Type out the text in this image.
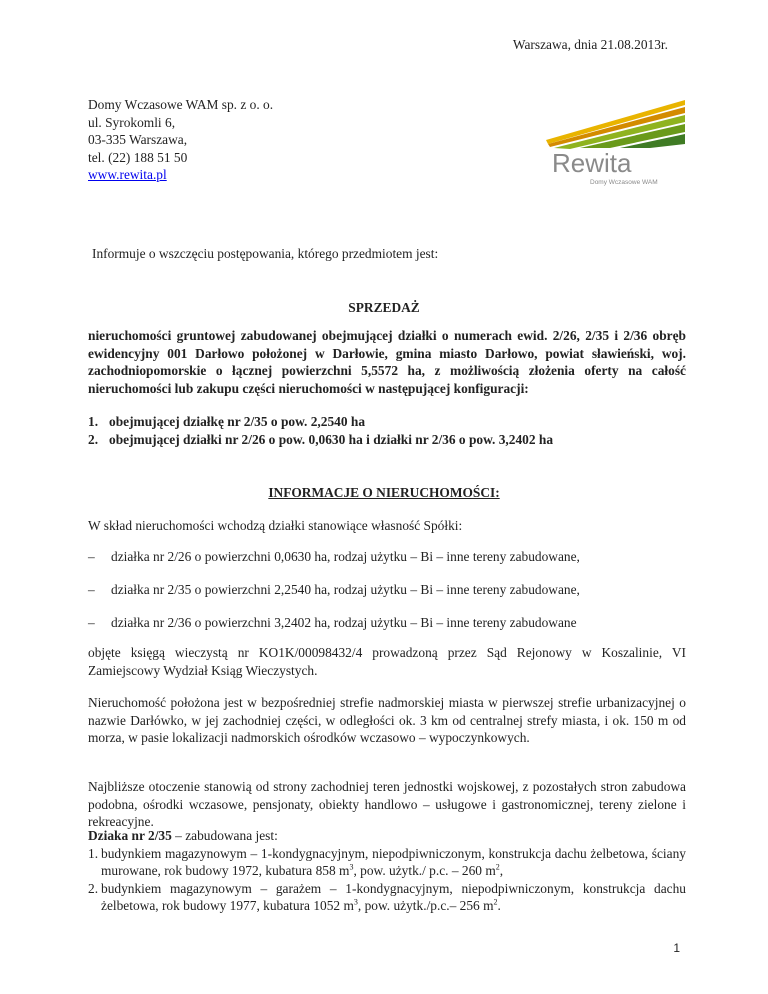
Warszawa, dnia 21.08.2013r.
Domy Wczasowe WAM sp. z o. o.
ul. Syrokomli 6,
03-335 Warszawa,
tel. (22) 188 51 50
www.rewita.pl	Rewita
Domy Wczasowe WAM
Informuje o wszczęciu postępowania, którego przedmiotem jest:
SPRZEDAŻ
nieruchomości gruntowej zabudowanej obejmującej działki o numerach ewid. 2/26, 2/35 i 2/36 obręb ewidencyjny 001 Darłowo położonej w Darłowie, gmina miasto Darłowo, powiat sławieński, woj. zachodniopomorskie o łącznej powierzchni 5,5572 ha, z możliwością złożenia oferty na całość nieruchomości lub zakupu części nieruchomości w następującej konfiguracji:
1. obejmującej działkę nr 2/35 o pow. 2,2540 ha
2. obejmującej działki nr 2/26 o pow. 0,0630 ha i działki nr 2/36 o pow. 3,2402 ha
INFORMACJE O NIERUCHOMOŚCI:
W skład nieruchomości wchodzą działki stanowiące własność Spółki:
– działka nr 2/26 o powierzchni 0,0630 ha, rodzaj użytku – Bi – inne tereny zabudowane,
– działka nr 2/35 o powierzchni 2,2540 ha, rodzaj użytku – Bi – inne tereny zabudowane,
– działka nr 2/36 o powierzchni 3,2402 ha, rodzaj użytku – Bi – inne tereny zabudowane
objęte księgą wieczystą nr KO1K/00098432/4 prowadzoną przez Sąd Rejonowy w Koszalinie, VI Zamiejscowy Wydział Ksiąg Wieczystych.
Nieruchomość położona jest w bezpośredniej strefie nadmorskiej miasta w pierwszej strefie urbanizacyjnej o nazwie Darłówko, w jej zachodniej części, w odległości ok. 3 km od centralnej strefy miasta, i ok. 150 m od morza, w pasie lokalizacji nadmorskich ośrodków wczasowo – wypoczynkowych.
Najbliższe otoczenie stanowią od strony zachodniej teren jednostki wojskowej, z pozostałych stron zabudowa podobna, ośrodki wczasowe, pensjonaty, obiekty handlowo – usługowe i gastronomicznej, tereny zielone i rekreacyjne.
Dziaka nr 2/35 – zabudowana jest:
1. budynkiem magazynowym – 1-kondygnacyjnym, niepodpiwniczonym, konstrukcja dachu żelbetowa, ściany murowane, rok budowy 1972, kubatura 858 $m^3$, pow. użytk./ p.c. – 260 $m^2$,
2. budynkiem magazynowym – garażem – 1-kondygnacyjnym, niepodpiwniczonym, konstrukcja dachu żelbetowa, rok budowy 1977, kubatura 1052 $m^3$, pow. użytk./p.c.– 256 $m^2$.
1
